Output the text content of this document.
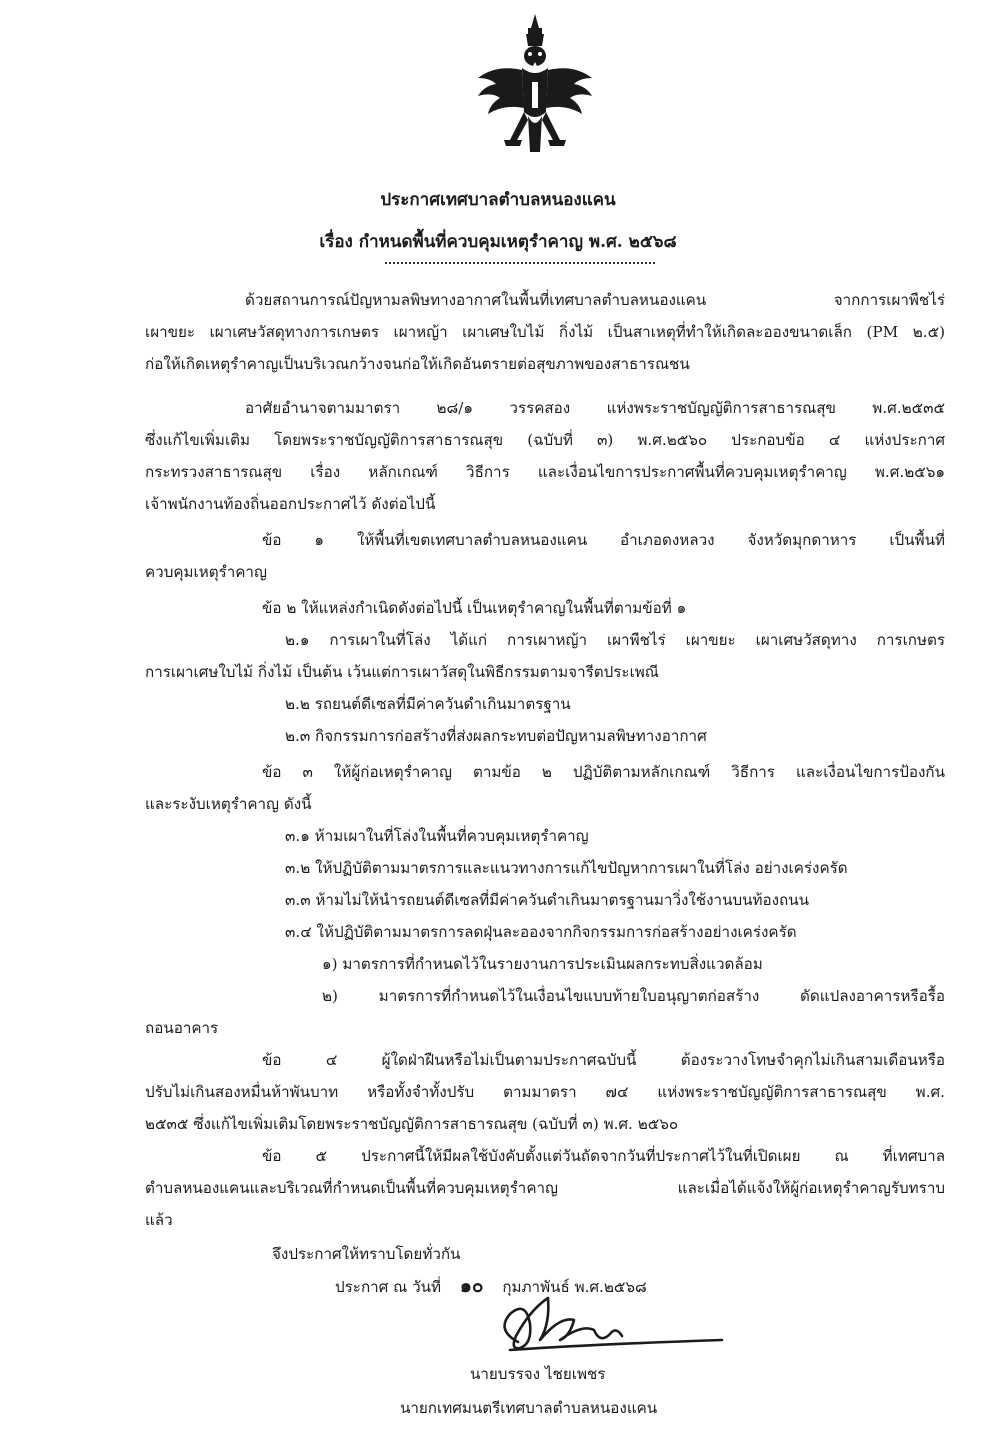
ประกาศเทศบาลตำบลหนองแคน
เรื่อง กำหนดพื้นที่ควบคุมเหตุรำคาญ พ.ศ. ๒๕๖๘
ด้วยสถานการณ์ปัญหามลพิษทางอากาศในพื้นที่เทศบาลตำบลหนองแคน จากการเผาพืชไร่
เผาขยะ เผาเศษวัสดุทางการเกษตร เผาหญ้า เผาเศษใบไม้ กิ่งไม้ เป็นสาเหตุที่ทำให้เกิดละอองขนาดเล็ก (PM ๒.๕)
ก่อให้เกิดเหตุรำคาญเป็นบริเวณกว้างจนก่อให้เกิดอันตรายต่อสุขภาพของสาธารณชน
อาศัยอำนาจตามมาตรา ๒๘/๑ วรรคสอง แห่งพระราชบัญญัติการสาธารณสุข พ.ศ.๒๕๓๕
ซึ่งแก้ไขเพิ่มเติม โดยพระราชบัญญัติการสาธารณสุข (ฉบับที่ ๓) พ.ศ.๒๕๖๐ ประกอบข้อ ๔ แห่งประกาศ
กระทรวงสาธารณสุข เรื่อง หลักเกณฑ์ วิธีการ และเงื่อนไขการประกาศพื้นที่ควบคุมเหตุรำคาญ พ.ศ.๒๕๖๑
เจ้าพนักงานท้องถิ่นออกประกาศไว้ ดังต่อไปนี้
ข้อ ๑ ให้พื้นที่เขตเทศบาลตำบลหนองแคน อำเภอดงหลวง จังหวัดมุกดาหาร เป็นพื้นที่
ควบคุมเหตุรำคาญ
ข้อ ๒ ให้แหล่งกำเนิดดังต่อไปนี้ เป็นเหตุรำคาญในพื้นที่ตามข้อที่ ๑
๒.๑ การเผาในที่โล่ง ได้แก่ การเผาหญ้า เผาพืชไร่ เผาขยะ เผาเศษวัสดุทาง การเกษตร
การเผาเศษใบไม้ กิ่งไม้ เป็นต้น เว้นแต่การเผาวัสดุในพิธีกรรมตามจารีตประเพณี
๒.๒ รถยนต์ดีเซลที่มีค่าควันดำเกินมาตรฐาน
๒.๓ กิจกรรมการก่อสร้างที่ส่งผลกระทบต่อปัญหามลพิษทางอากาศ
ข้อ ๓ ให้ผู้ก่อเหตุรำคาญ ตามข้อ ๒ ปฏิบัติตามหลักเกณฑ์ วิธีการ และเงื่อนไขการป้องกัน
และระงับเหตุรำคาญ ดังนี้
๓.๑ ห้ามเผาในที่โล่งในพื้นที่ควบคุมเหตุรำคาญ
๓.๒ ให้ปฏิบัติตามมาตรการและแนวทางการแก้ไขปัญหาการเผาในที่โล่ง อย่างเคร่งครัด
๓.๓ ห้ามไม่ให้นำรถยนต์ดีเซลที่มีค่าควันดำเกินมาตรฐานมาวิ่งใช้งานบนท้องถนน
๓.๔ ให้ปฏิบัติตามมาตรการลดฝุ่นละอองจากกิจกรรมการก่อสร้างอย่างเคร่งครัด
๑) มาตรการที่กำหนดไว้ในรายงานการประเมินผลกระทบสิ่งแวดล้อม
๒) มาตรการที่กำหนดไว้ในเงื่อนไขแบบท้ายใบอนุญาตก่อสร้าง ดัดแปลงอาคารหรือรื้อ
ถอนอาคาร
ข้อ ๔ ผู้ใดฝ่าฝืนหรือไม่เป็นตามประกาศฉบับนี้ ต้องระวางโทษจำคุกไม่เกินสามเดือนหรือ
ปรับไม่เกินสองหมื่นห้าพันบาท หรือทั้งจำทั้งปรับ ตามมาตรา ๗๔ แห่งพระราชบัญญัติการสาธารณสุข พ.ศ.
๒๕๓๕ ซึ่งแก้ไขเพิ่มเติมโดยพระราชบัญญัติการสาธารณสุข (ฉบับที่ ๓) พ.ศ. ๒๕๖๐
ข้อ ๕ ประกาศนี้ให้มีผลใช้บังคับตั้งแต่วันถัดจากวันที่ประกาศไว้ในที่เปิดเผย ณ ที่เทศบาล
ตำบลหนองแคนและบริเวณที่กำหนดเป็นพื้นที่ควบคุมเหตุรำคาญ และเมื่อได้แจ้งให้ผู้ก่อเหตุรำคาญรับทราบ
แล้ว
จึงประกาศให้ทราบโดยทั่วกัน
ประกาศ ณ วันที่ ๑๐ กุมภาพันธ์ พ.ศ.๒๕๖๘
นายบรรจง ไชยเพชร
นายกเทศมนตรีเทศบาลตำบลหนองแคน
